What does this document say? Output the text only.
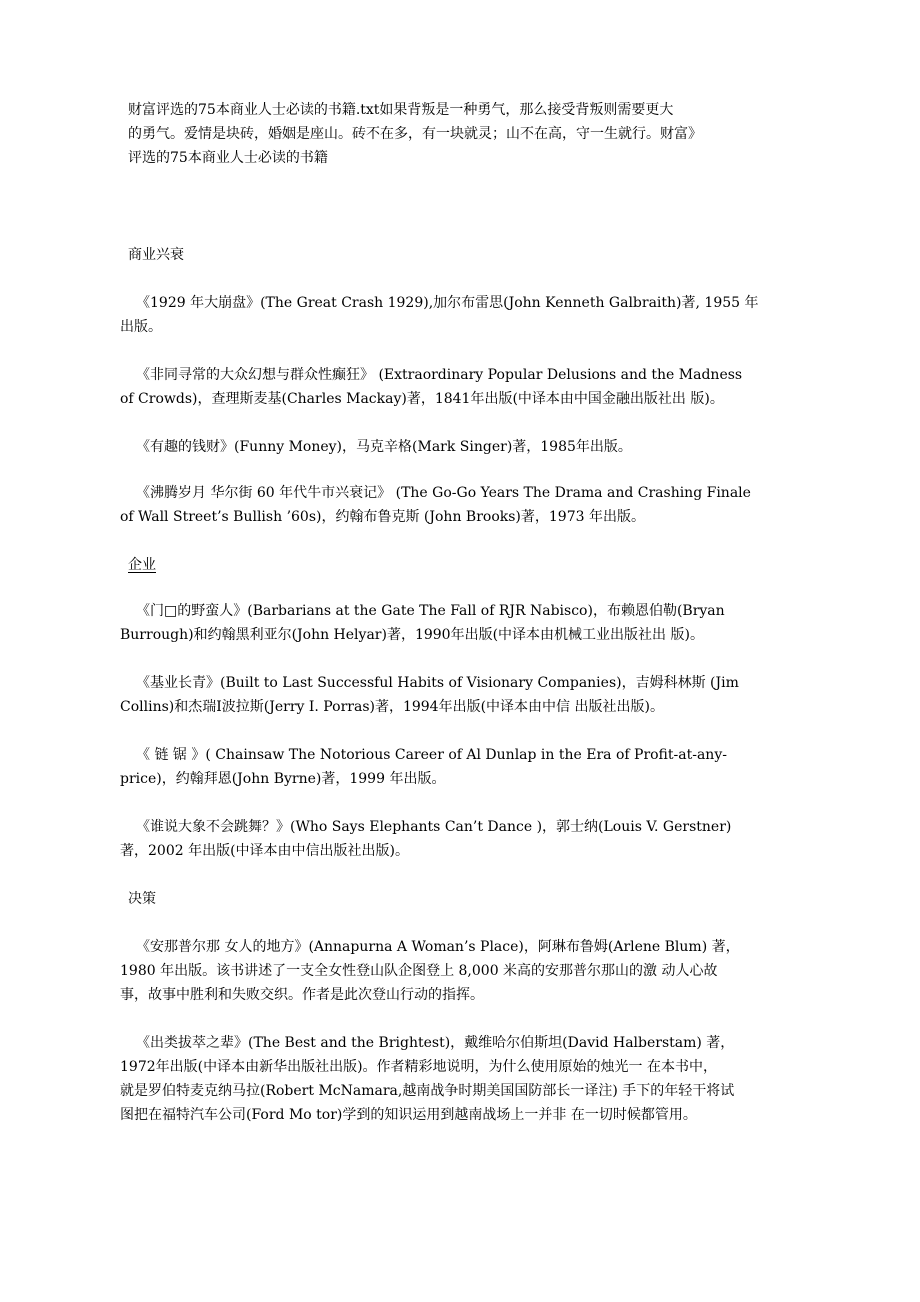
财富评选的75本商业人士必读的书籍.txt如果背叛是一种勇气，那么接受背叛则需要更大
的勇气。爱情是块砖，婚姻是座山。砖不在多，有一块就灵；山不在高，守一生就行。财富》
评选的75本商业人士必读的书籍

商业兴衰

《1929 年大崩盘》(The Great Crash 1929),加尔布雷思(John Kenneth Galbraith)著, 1955 年
出版。

《非同寻常的大众幻想与群众性癫狂》 (Extraordinary Popular Delusions and the Madness
of Crowds)，查理斯麦基(Charles Mackay)著，1841年出版(中译本由中国金融出版社出 版)。

《有趣的钱财》(Funny Money)，马克辛格(Mark Singer)著，1985年出版。

《沸腾岁月 华尔街 60 年代牛市兴衰记》 (The Go-Go Years The Drama and Crashing Finale
of Wall Street’s Bullish ’60s)，约翰布鲁克斯 (John Brooks)著，1973 年出版。

企业

《门□的野蛮人》(Barbarians at the Gate The Fall of RJR Nabisco)，布赖恩伯勒(Bryan
Burrough)和约翰黑利亚尔(John Helyar)著，1990年出版(中译本由机械工业出版社出 版)。

《基业长青》(Built to Last Successful Habits of Visionary Companies)，吉姆科林斯 (Jim
Collins)和杰瑞I波拉斯(Jerry I. Porras)著，1994年出版(中译本由中信 出版社出版)。

《 链 锯 》( Chainsaw The Notorious Career of Al Dunlap in the Era of Profit-at-any-
price)，约翰拜恩(John Byrne)著，1999 年出版。

《谁说大象不会跳舞？》(Who Says Elephants Can’t Dance )，郭士纳(Louis V. Gerstner)
著，2002 年出版(中译本由中信出版社出版)。

决策

《安那普尔那 女人的地方》(Annapurna A Woman’s Place)，阿琳布鲁姆(Arlene Blum) 著，
1980 年出版。该书讲述了一支全女性登山队企图登上 8,000 米高的安那普尔那山的激 动人心故
事，故事中胜利和失败交织。作者是此次登山行动的指挥。

《出类拔萃之辈》(The Best and the Brightest)，戴维哈尔伯斯坦(David Halberstam) 著，
1972年出版(中译本由新华出版社出版)。作者精彩地说明，为什么使用原始的烛光一 在本书中，
就是罗伯特麦克纳马拉(Robert McNamara,越南战争时期美国国防部长一译注) 手下的年轻干将试
图把在福特汽车公司(Ford Mo tor)学到的知识运用到越南战场上一并非 在一切时候都管用。
